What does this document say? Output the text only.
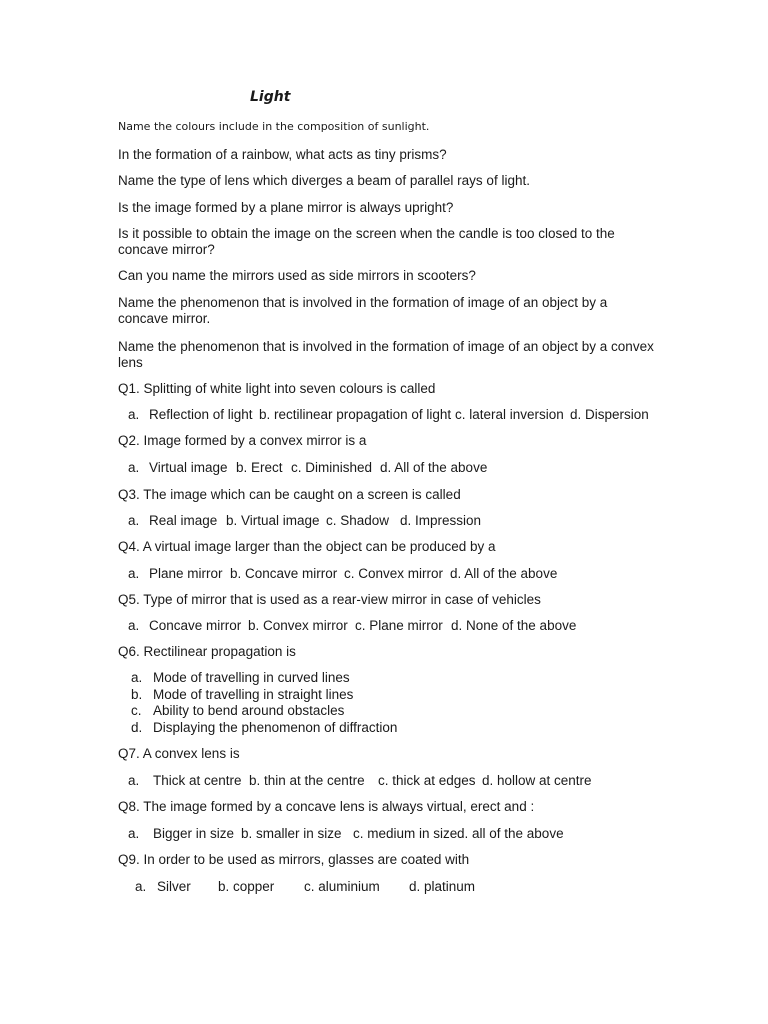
Light
Name the colours include in the composition of sunlight.
In the formation of a rainbow, what acts as tiny prisms?
Name the type of lens which diverges a beam of parallel rays of light.
Is the image formed by a plane mirror is always upright?
Is it possible to obtain the image on the screen when the candle is too closed to the concave mirror?
Can you name the mirrors used as side mirrors in scooters?
Name the phenomenon that is involved in the formation of image of an object by a concave mirror.
Name the phenomenon that is involved in the formation of image of an object by a convex lens
Q1. Splitting of white light into seven colours is called
a. Reflection of light b. rectilinear propagation of light c. lateral inversion d. Dispersion
Q2. Image formed by a convex mirror is a
a. Virtual image b. Erect c. Diminished d. All of the above
Q3. The image which can be caught on a screen is called
a. Real image b. Virtual image c. Shadow d. Impression
Q4. A virtual image larger than the object can be produced by a
a. Plane mirror b. Concave mirror c. Convex mirror d. All of the above
Q5. Type of mirror that is used as a rear-view mirror in case of vehicles
a. Concave mirror b. Convex mirror c. Plane mirror d. None of the above
Q6. Rectilinear propagation is
a. Mode of travelling in curved lines
b. Mode of travelling in straight lines
c. Ability to bend around obstacles
d. Displaying the phenomenon of diffraction
Q7. A convex lens is
a. Thick at centre b. thin at the centre c. thick at edges d. hollow at centre
Q8. The image formed by a concave lens is always virtual, erect and :
a. Bigger in size b. smaller in size c. medium in sized. all of the above
Q9. In order to be used as mirrors, glasses are coated with
a. Silver b. copper c. aluminium d. platinum
